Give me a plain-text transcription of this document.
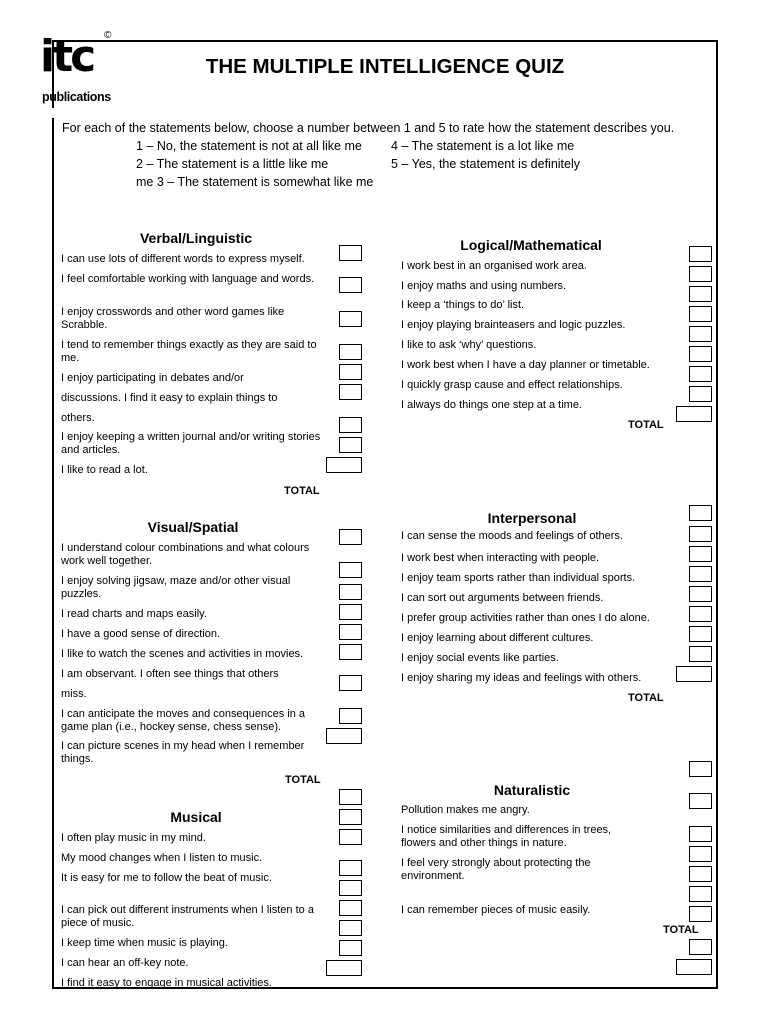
itc ©
publications
THE MULTIPLE INTELLIGENCE QUIZ
For each of the statements below, choose a number between 1 and 5 to rate how the statement describes you.
1 – No, the statement is not at all like me 4 – The statement is a lot like me
2 – The statement is a little like me	5 – Yes, the statement is definitely
me 3 – The statement is somewhat like me
Verbal/Linguistic
I can use lots of different words to express myself.
I feel comfortable working with language and words.
I enjoy crosswords and other word games like Scrabble.
I tend to remember things exactly as they are said to me.
I enjoy participating in debates and/or
discussions. I find it easy to explain things to
others.
I enjoy keeping a written journal and/or writing stories and articles.
I like to read a lot.
TOTAL
Logical/Mathematical
I work best in an organised work area.
I enjoy maths and using numbers.
I keep a ‘things to do’ list.
I enjoy playing brainteasers and logic puzzles.
I like to ask ‘why’ questions.
I work best when I have a day planner or timetable.
I quickly grasp cause and effect relationships.
I always do things one step at a time.
TOTAL
Visual/Spatial
I understand colour combinations and what colours work well together.
I enjoy solving jigsaw, maze and/or other visual puzzles.
I read charts and maps easily.
I have a good sense of direction.
I like to watch the scenes and activities in movies.
I am observant. I often see things that others
miss.
I can anticipate the moves and consequences in a game plan (i.e., hockey sense, chess sense).
I can picture scenes in my head when I remember things.
TOTAL
Interpersonal
I can sense the moods and feelings of others.
I work best when interacting with people.
I enjoy team sports rather than individual sports.
I can sort out arguments between friends.
I prefer group activities rather than ones I do alone.
I enjoy learning about different cultures.
I enjoy social events like parties.
I enjoy sharing my ideas and feelings with others.
TOTAL
Musical
I often play music in my mind.
My mood changes when I listen to music.
It is easy for me to follow the beat of music.
I can pick out different instruments when I listen to a piece of music.
I keep time when music is playing.
I can hear an off-key note.
I find it easy to engage in musical activities.
Naturalistic
Pollution makes me angry.
I notice similarities and differences in trees, flowers and other things in nature.
I feel very strongly about protecting the environment.
I can remember pieces of music easily.
TOTAL
